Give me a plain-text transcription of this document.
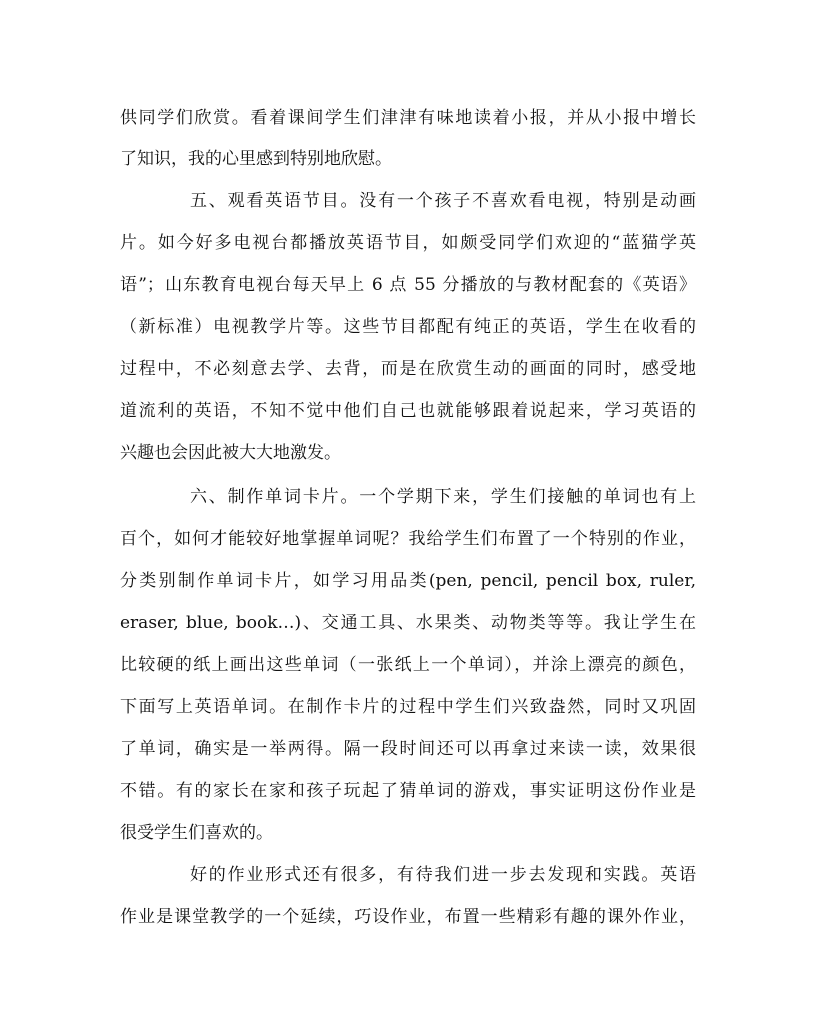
供同学们欣赏。看着课间学生们津津有味地读着小报，并从小报中增长
了知识，我的心里感到特别地欣慰。
五、观看英语节目。没有一个孩子不喜欢看电视，特别是动画
片。如今好多电视台都播放英语节目，如颇受同学们欢迎的“蓝猫学英
语”；山东教育电视台每天早上 6 点 55 分播放的与教材配套的《英语》
（新标准）电视教学片等。这些节目都配有纯正的英语，学生在收看的
过程中，不必刻意去学、去背，而是在欣赏生动的画面的同时，感受地
道流利的英语，不知不觉中他们自己也就能够跟着说起来，学习英语的
兴趣也会因此被大大地激发。
六、制作单词卡片。一个学期下来，学生们接触的单词也有上
百个，如何才能较好地掌握单词呢？我给学生们布置了一个特别的作业，
分类别制作单词卡片，如学习用品类(pen, pencil, pencil box, ruler,
eraser, blue, book…)、交通工具、水果类、动物类等等。我让学生在
比较硬的纸上画出这些单词（一张纸上一个单词），并涂上漂亮的颜色，
下面写上英语单词。在制作卡片的过程中学生们兴致盎然，同时又巩固
了单词，确实是一举两得。隔一段时间还可以再拿过来读一读，效果很
不错。有的家长在家和孩子玩起了猜单词的游戏，事实证明这份作业是
很受学生们喜欢的。
好的作业形式还有很多，有待我们进一步去发现和实践。英语
作业是课堂教学的一个延续，巧设作业，布置一些精彩有趣的课外作业，
